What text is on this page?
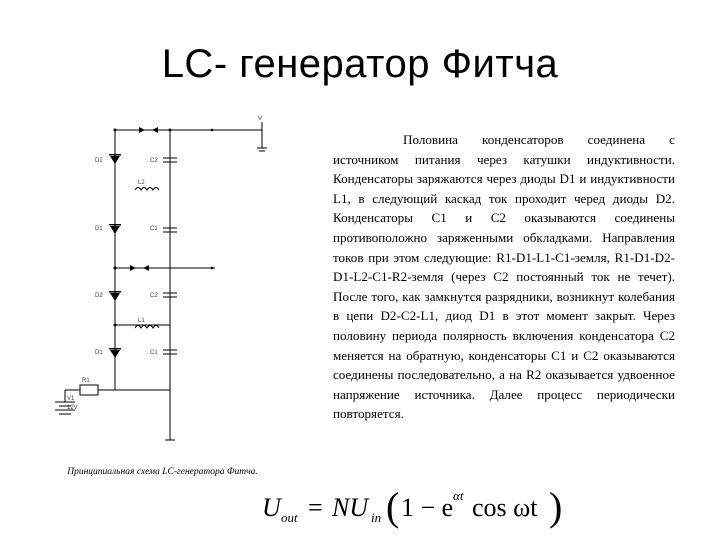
LC- генератор Фитча
V
D2	C2
L2
D1	C1
D2	C2
L1
D1	C1
R1
V1
12V
Принципиальная схема LC-генератора Фитча.

Половина конденсаторов соединена с источником питания через катушки индуктивности. Конденсаторы заряжаются через диоды D1 и индуктивности L1, в следующий каскад ток проходит черед диоды D2. Конденсаторы C1 и C2 оказываются соединены противоположно заряженными обкладками. Направления токов при этом следующие: R1-D1-L1-C1-земля, R1-D1-D2-D1-L2-C1-R2-земля (через C2 постоянный ток не течет). После того, как замкнутся разрядники, возникнут колебания в цепи D2-C2-L1, диод D1 в этот момент закрыт. Через половину периода полярность включения конденсатора C2 меняется на обратную, конденсаторы C1 и C2 оказываются соединены последовательно, а на R2 оказывается удвоенное напряжение источника. Далее процесс периодически повторяется.

U out = NU in ( 1 − e αt cos ωt )
